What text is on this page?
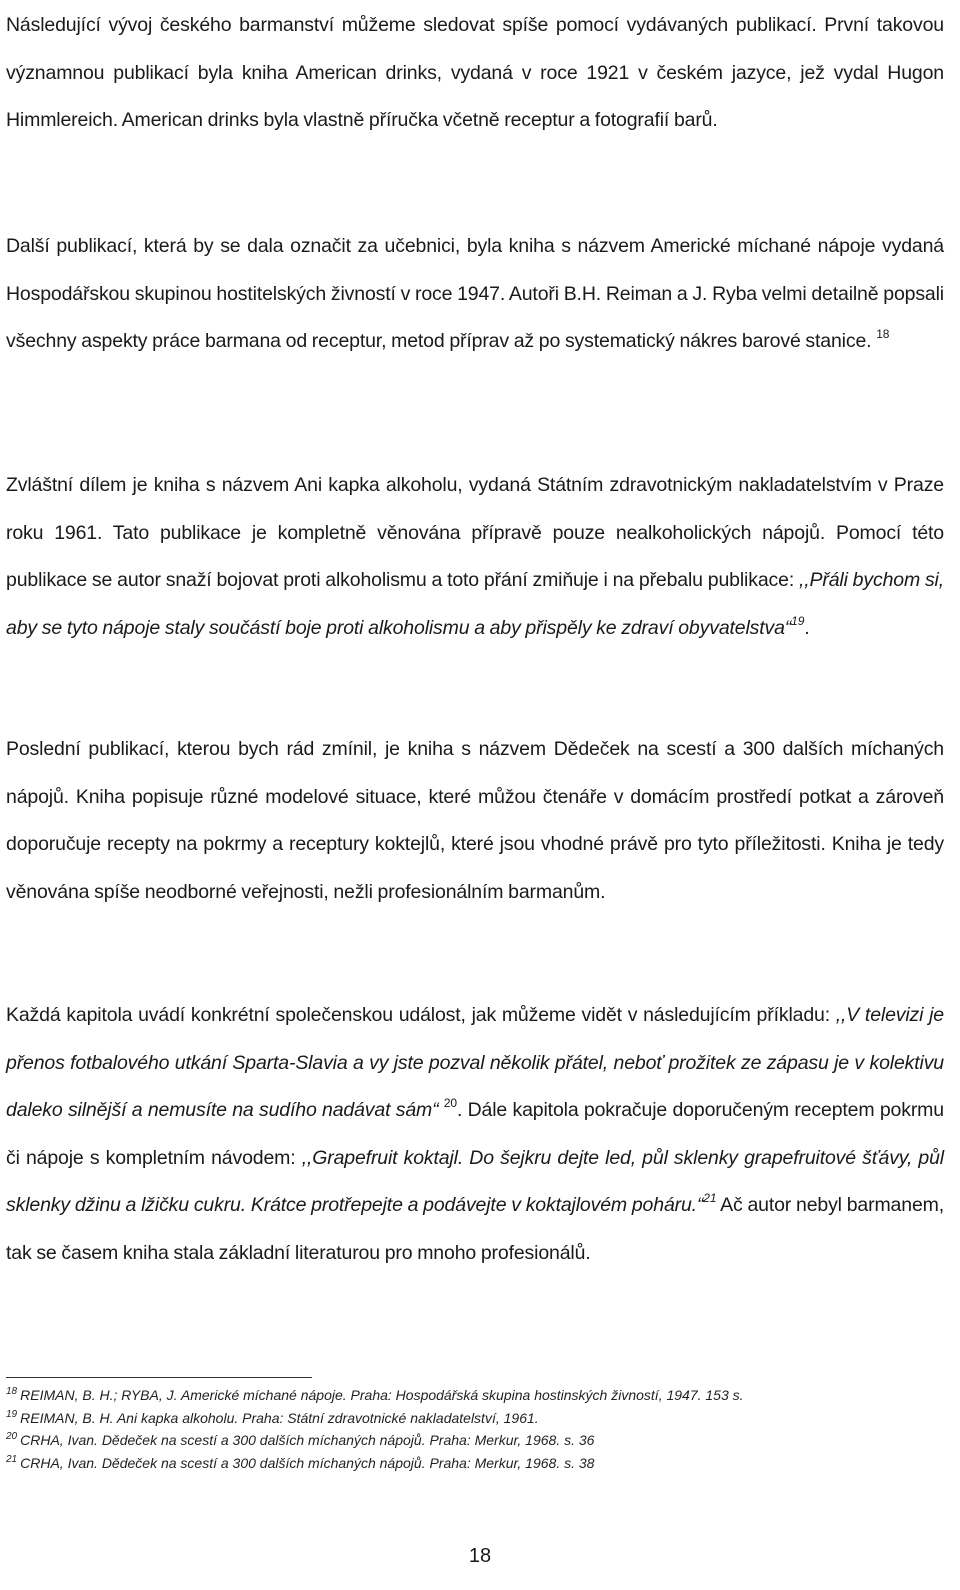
Následující vývoj českého barmanství můžeme sledovat spíše pomocí vydávaných publikací. První takovou významnou publikací byla kniha American drinks, vydaná v roce 1921 v českém jazyce, jež vydal Hugon Himmlereich. American drinks byla vlastně příručka včetně receptur a fotografií barů.

Další publikací, která by se dala označit za učebnici, byla kniha s názvem Americké míchané nápoje vydaná Hospodářskou skupinou hostitelských živností v roce 1947. Autoři B.H. Reiman a J. Ryba velmi detailně popsali všechny aspekty práce barmana od receptur, metod příprav až po systematický nákres barové stanice. $^{18}$

Zvláštní dílem je kniha s názvem Ani kapka alkoholu, vydaná Státním zdravotnickým nakladatelstvím v Praze roku 1961. Tato publikace je kompletně věnována přípravě pouze nealkoholických nápojů. Pomocí této publikace se autor snaží bojovat proti alkoholismu a toto přání zmiňuje i na přebalu publikace: ,,Přáli bychom si, aby se tyto nápoje staly součástí boje proti alkoholismu a aby přispěly ke zdraví obyvatelstva“$^{19}$.

Poslední publikací, kterou bych rád zmínil, je kniha s názvem Dědeček na scestí a 300 dalších míchaných nápojů. Kniha popisuje různé modelové situace, které můžou čtenáře v domácím prostředí potkat a zároveň doporučuje recepty na pokrmy a receptury koktejlů, které jsou vhodné právě pro tyto příležitosti. Kniha je tedy věnována spíše neodborné veřejnosti, nežli profesionálním barmanům.

Každá kapitola uvádí konkrétní společenskou událost, jak můžeme vidět v následujícím příkladu: ,,V televizi je přenos fotbalového utkání Sparta-Slavia a vy jste pozval několik přátel, neboť prožitek ze zápasu je v kolektivu daleko silnější a nemusíte na sudího nadávat sám“ $^{20}$. Dále kapitola pokračuje doporučeným receptem pokrmu či nápoje s kompletním návodem: ,,Grapefruit koktajl. Do šejkru dejte led, půl sklenky grapefruitové šťávy, půl sklenky džinu a lžičku cukru. Krátce protřepejte a podávejte v koktajlovém poháru.“$^{21}$ Ač autor nebyl barmanem, tak se časem kniha stala základní literaturou pro mnoho profesionálů.

$^{18}$ REIMAN, B. H.; RYBA, J. Americké míchané nápoje. Praha: Hospodářská skupina hostinských živností, 1947. 153 s.
$^{19}$ REIMAN, B. H. Ani kapka alkoholu. Praha: Státní zdravotnické nakladatelství, 1961.
$^{20}$ CRHA, Ivan. Dědeček na scestí a 300 dalších míchaných nápojů. Praha: Merkur, 1968. s. 36
$^{21}$ CRHA, Ivan. Dědeček na scestí a 300 dalších míchaných nápojů. Praha: Merkur, 1968. s. 38
18
